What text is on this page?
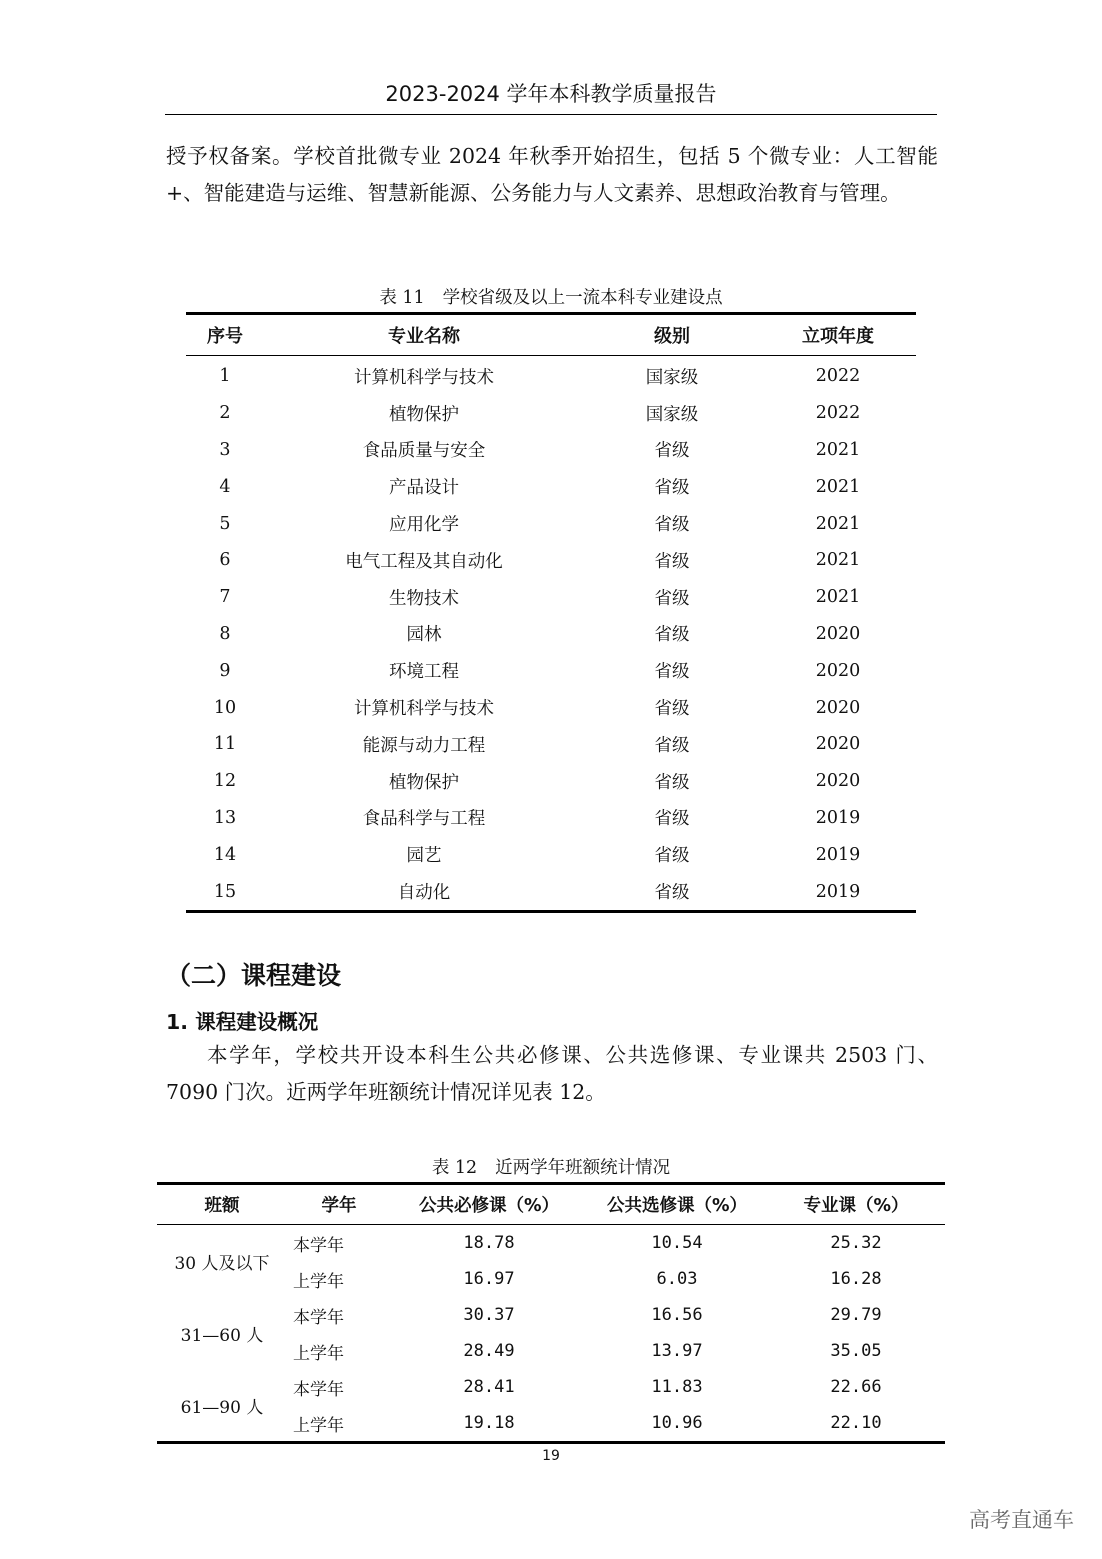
2023-2024 学年本科教学质量报告

授予权备案。学校首批微专业 2024 年秋季开始招生，包括 5 个微专业：人工智能+、智能建造与运维、智慧新能源、公务能力与人文素养、思想政治教育与管理。

表 11 学校省级及以上一流本科专业建设点
序号	专业名称	级别	立项年度
1	计算机科学与技术	国家级	2022
2	植物保护	国家级	2022
3	食品质量与安全	省级	2021
4	产品设计	省级	2021
5	应用化学	省级	2021
6	电气工程及其自动化	省级	2021
7	生物技术	省级	2021
8	园林	省级	2020
9	环境工程	省级	2020
10	计算机科学与技术	省级	2020
11	能源与动力工程	省级	2020
12	植物保护	省级	2020
13	食品科学与工程	省级	2019
14	园艺	省级	2019
15	自动化	省级	2019
（二）课程建设
1. 课程建设概况

本学年，学校共开设本科生公共必修课、公共选修课、专业课共 2503 门、7090 门次。近两学年班额统计情况详见表 12。

表 12 近两学年班额统计情况
班额	学年	公共必修课（%）	公共选修课（%）	专业课（%）
30 人及以下	本学年	18.78	10.54	25.32
	上学年	16.97	6.03	16.28
31—60 人	本学年	30.37	16.56	29.79
	上学年	28.49	13.97	35.05
61—90 人	本学年	28.41	11.83	22.66
	上学年	19.18	10.96	22.10
19
高考直通车
